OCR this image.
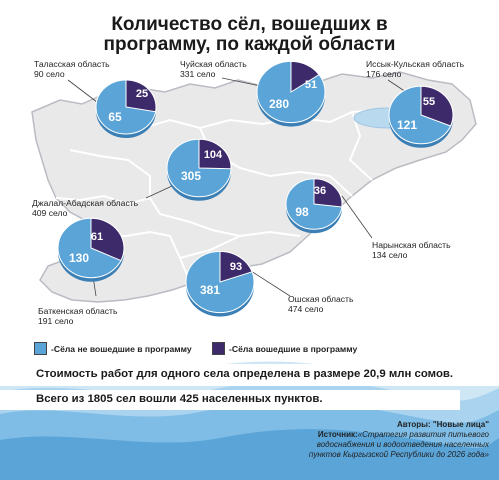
65
25
280
51
121
55
305
104
98
36
130
61
381
93
Количество сёл, вошедших в
программу, по каждой области
Таласская область
90 село
Чуйская область
331 село
Иссык-Кульская область
176 село
Джалал-Абадская область
409 село
Нарынская область
134 село
Баткенская область
191 село
Ошская область
474 село
-Сёла не вошедшие в программу	-Сёла вошедшие в программу
Стоимость работ для одного села определена в размере 20,9 млн сомов.
Всего из 1805 сел вошли 425 населенных пунктов.
Авторы: "Новые лица"
Источник:«Стратегия развития питьевого
водоснабжения и водоотведения населенных
пунктов Кыргызской Республики до 2026 года»
